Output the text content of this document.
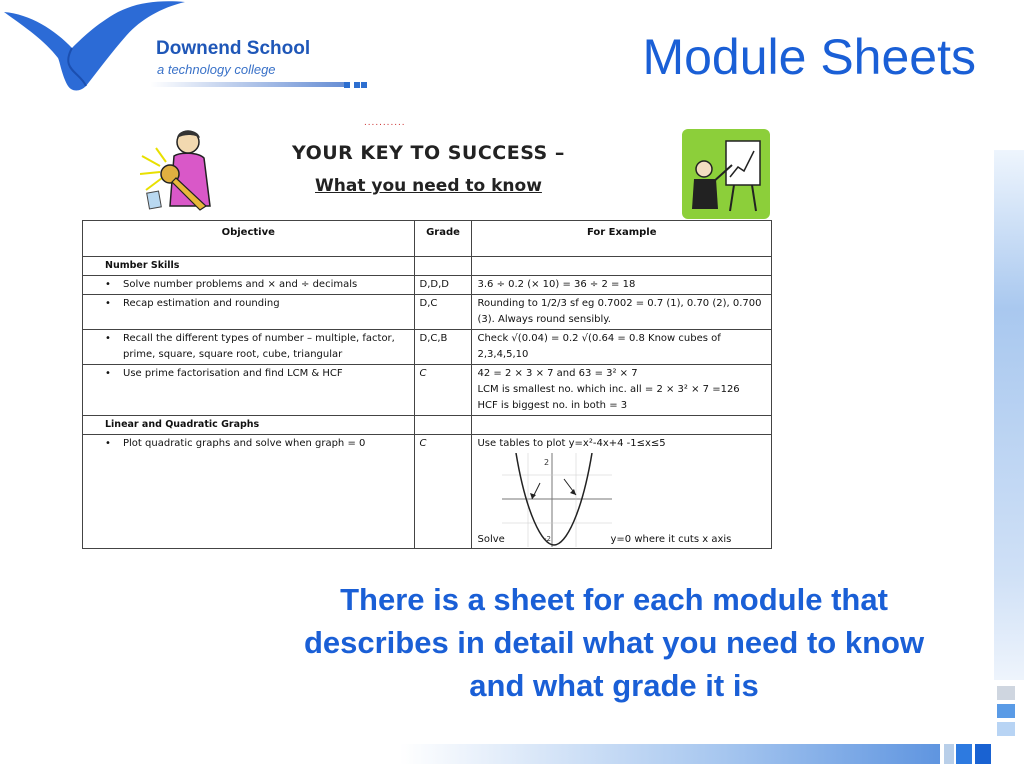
Downend School
a technology college	Module Sheets
...........
YOUR KEY TO SUCCESS –
What you need to know
Objective	Grade	For Example
Number Skills		
• Solve number problems and × and ÷ decimals	D,D,D	3.6 ÷ 0.2 (× 10) = 36 ÷ 2 = 18
• Recap estimation and rounding	D,C	Rounding to 1/2/3 sf eg 0.7002 = 0.7 (1), 0.70 (2), 0.700 (3). Always round sensibly.
• Recall the different types of number – multiple, factor, prime, square, square root, cube, triangular	D,C,B	Check √(0.04) = 0.2 √(0.64 = 0.8 Know cubes of 2,3,4,5,10
• Use prime factorisation and find LCM & HCF	C	42 = 2 × 3 × 7 and 63 = 3² × 7
LCM is smallest no. which inc. all = 2 × 3² × 7 =126
HCF is biggest no. in both = 3

Linear and Quadratic Graphs		
• Plot quadratic graphs and solve when graph = 0	C	Use tables to plot y=x²-4x+4 -1≤x≤5
2
-2
Solve y=0 where it cuts x axis
There is a sheet for each module that describes in detail what you need to know and what grade it is
